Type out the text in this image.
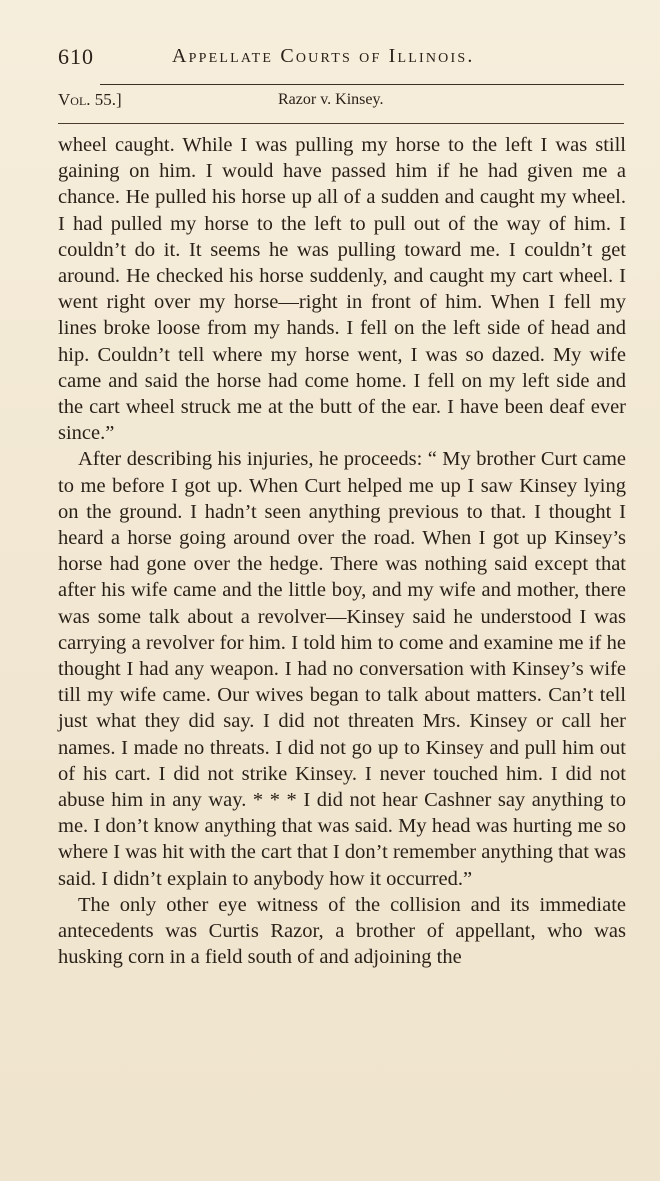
610	Appellate Courts of Illinois.
Vol. 55.]	Razor v. Kinsey.

wheel caught. While I was pulling my horse to the left I was still gaining on him. I would have passed him if he had given me a chance. He pulled his horse up all of a sudden and caught my wheel. I had pulled my horse to the left to pull out of the way of him. I couldn’t do it. It seems he was pulling toward me. I couldn’t get around. He checked his horse suddenly, and caught my cart wheel. I went right over my horse—right in front of him. When I fell my lines broke loose from my hands. I fell on the left side of head and hip. Couldn’t tell where my horse went, I was so dazed. My wife came and said the horse had come home. I fell on my left side and the cart wheel struck me at the butt of the ear. I have been deaf ever since.”

After describing his injuries, he proceeds: “ My brother Curt came to me before I got up. When Curt helped me up I saw Kinsey lying on the ground. I hadn’t seen anything previous to that. I thought I heard a horse going around over the road. When I got up Kinsey’s horse had gone over the hedge. There was nothing said except that after his wife came and the little boy, and my wife and mother, there was some talk about a revolver—Kinsey said he understood I was carrying a revolver for him. I told him to come and examine me if he thought I had any weapon. I had no conversation with Kinsey’s wife till my wife came. Our wives began to talk about matters. Can’t tell just what they did say. I did not threaten Mrs. Kinsey or call her names. I made no threats. I did not go up to Kinsey and pull him out of his cart. I did not strike Kinsey. I never touched him. I did not abuse him in any way. * * * I did not hear Cashner say anything to me. I don’t know anything that was said. My head was hurting me so where I was hit with the cart that I don’t remember anything that was said. I didn’t explain to anybody how it occurred.”

The only other eye witness of the collision and its immediate antecedents was Curtis Razor, a brother of appellant, who was husking corn in a field south of and adjoining the
